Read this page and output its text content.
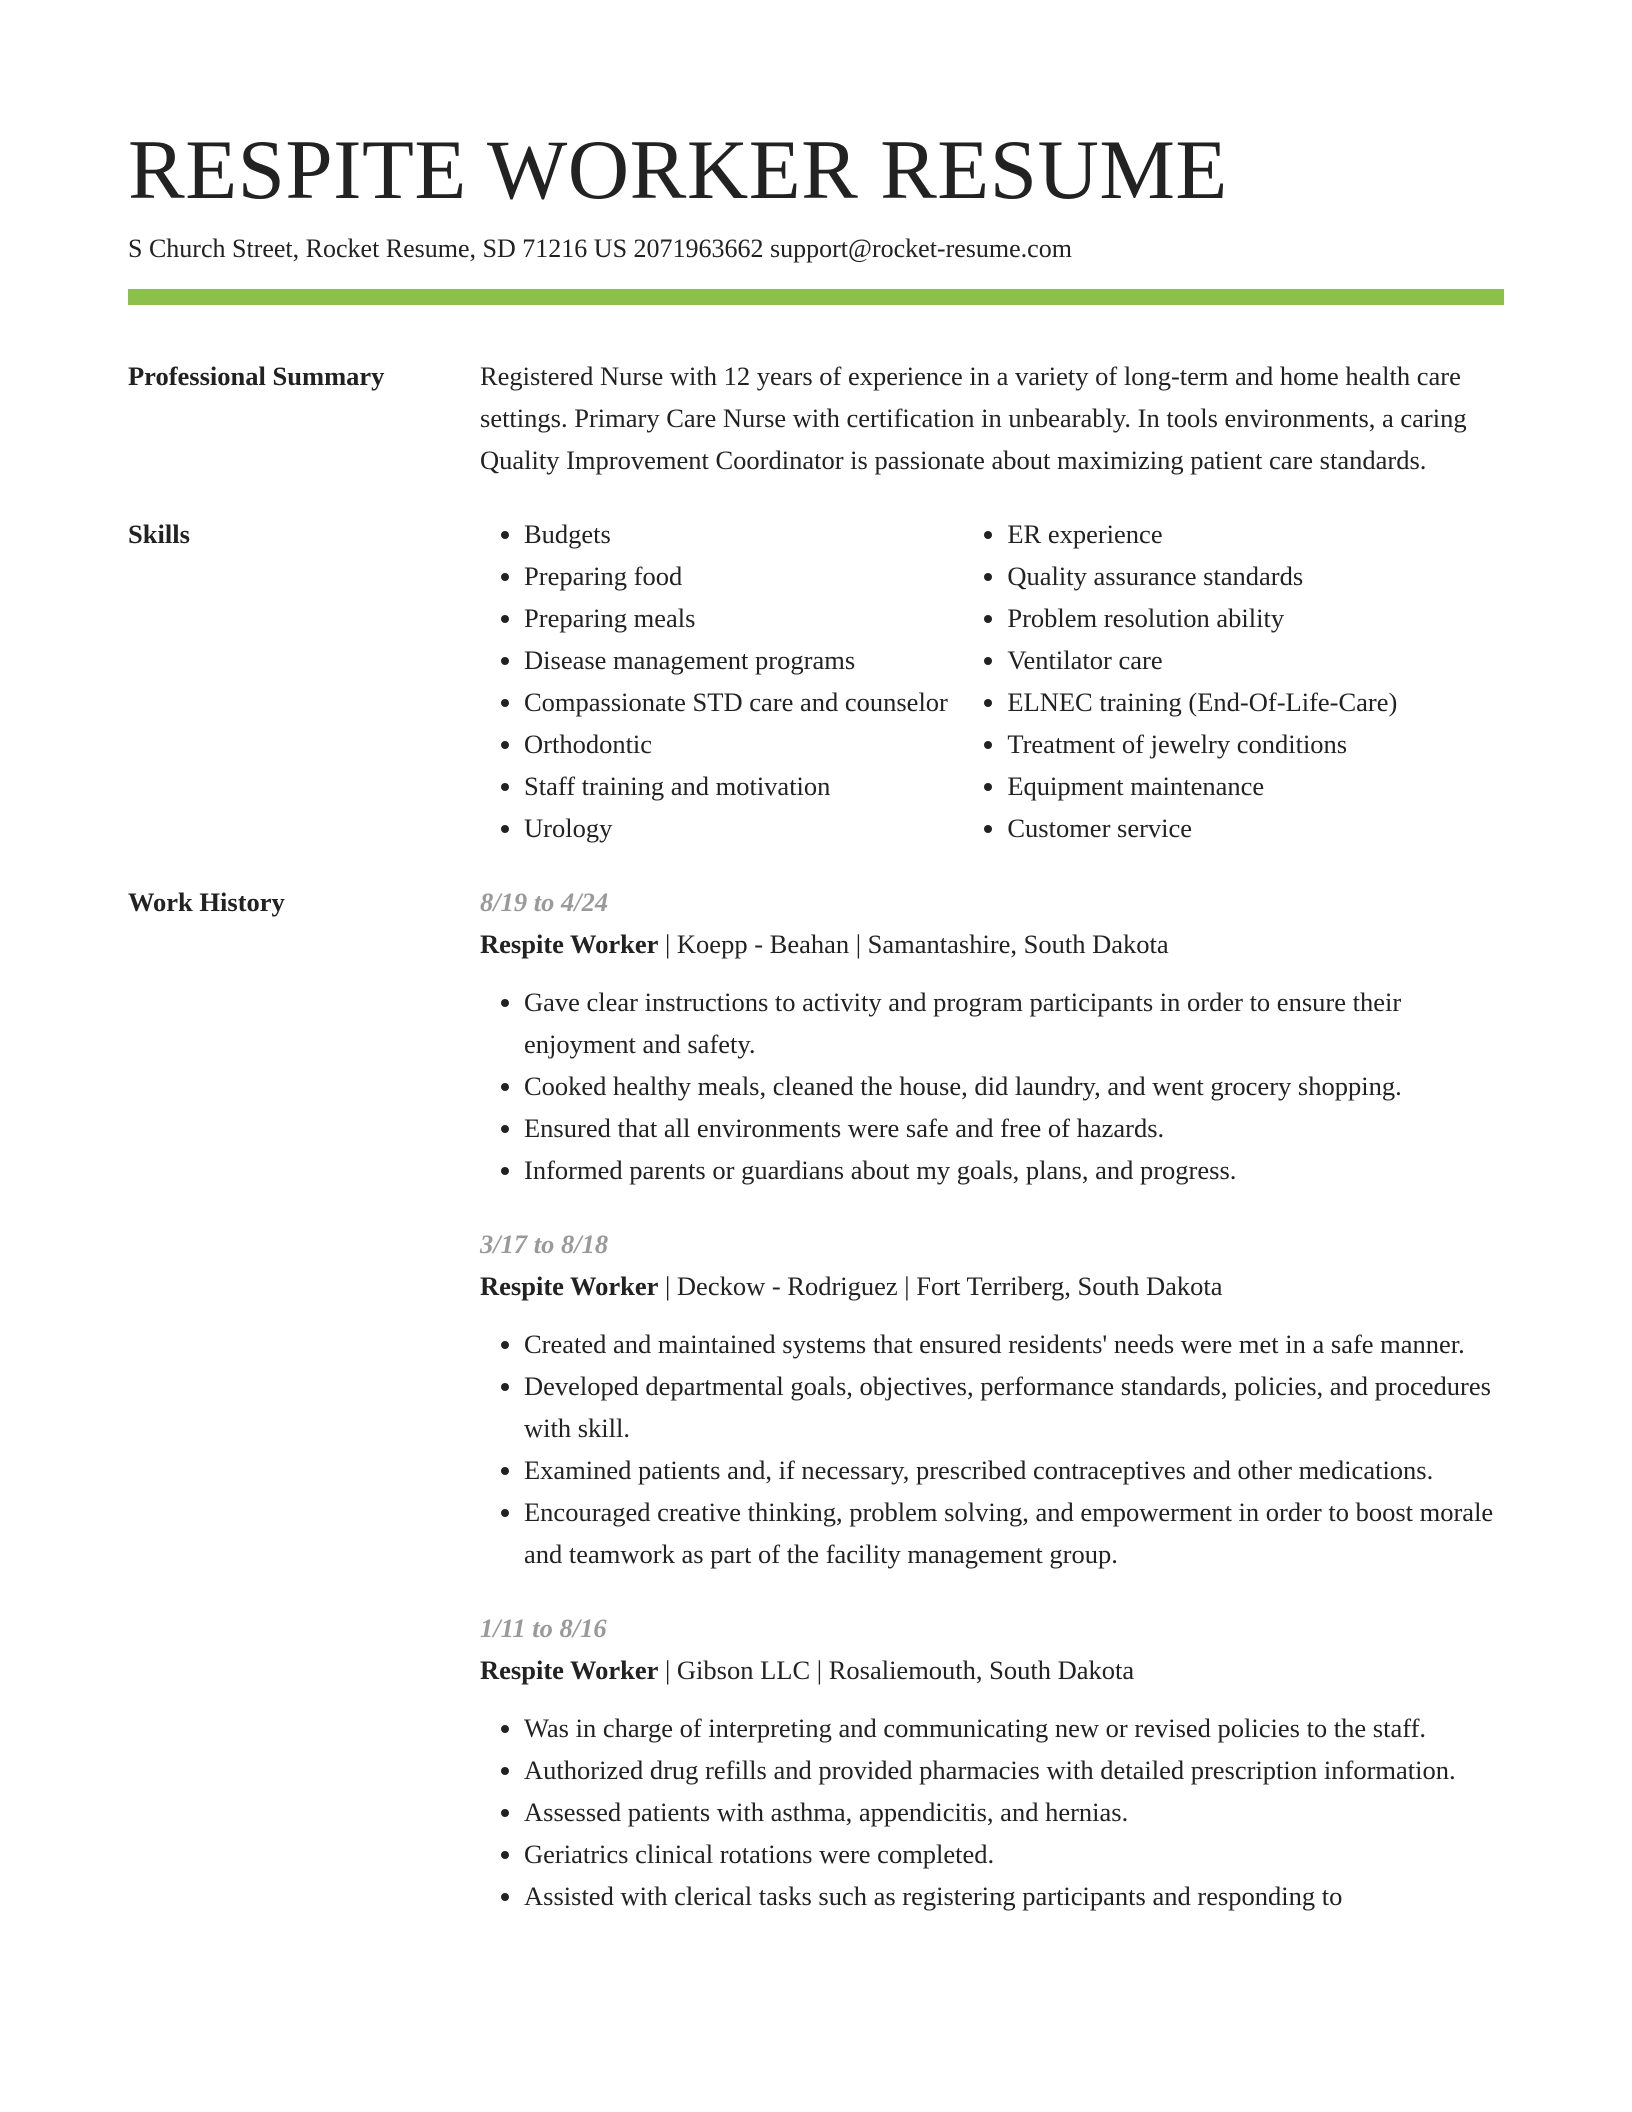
RESPITE WORKER RESUME
S Church Street, Rocket Resume, SD 71216 US 2071963662 support@rocket-resume.com
Professional Summary	Registered Nurse with 12 years of experience in a variety of long-term and home health care settings. Primary Care Nurse with certification in unbearably. In tools environments, a caring Quality Improvement Coordinator is passionate about maximizing patient care standards.
Skills
•	Budgets
• Preparing food
• Preparing meals
• Disease management programs
• Compassionate STD care and counselor
• Orthodontic
• Staff training and motivation
• Urology
• ER experience
• Quality assurance standards
• Problem resolution ability
• Ventilator care
• ELNEC training (End-Of-Life-Care)
• Treatment of jewelry conditions
• Equipment maintenance
• Customer service
Work History	8/19 to 4/24
Respite Worker | Koepp - Beahan | Samantashire, South Dakota
• Gave clear instructions to activity and program participants in order to ensure their enjoyment and safety.
• Cooked healthy meals, cleaned the house, did laundry, and went grocery shopping.
• Ensured that all environments were safe and free of hazards.
• Informed parents or guardians about my goals, plans, and progress.
3/17 to 8/18
Respite Worker | Deckow - Rodriguez | Fort Terriberg, South Dakota
• Created and maintained systems that ensured residents' needs were met in a safe manner.
• Developed departmental goals, objectives, performance standards, policies, and procedures with skill.
• Examined patients and, if necessary, prescribed contraceptives and other medications.
• Encouraged creative thinking, problem solving, and empowerment in order to boost morale and teamwork as part of the facility management group.
1/11 to 8/16
Respite Worker | Gibson LLC | Rosaliemouth, South Dakota
• Was in charge of interpreting and communicating new or revised policies to the staff.
• Authorized drug refills and provided pharmacies with detailed prescription information.
• Assessed patients with asthma, appendicitis, and hernias.
• Geriatrics clinical rotations were completed.
• Assisted with clerical tasks such as registering participants and responding to
